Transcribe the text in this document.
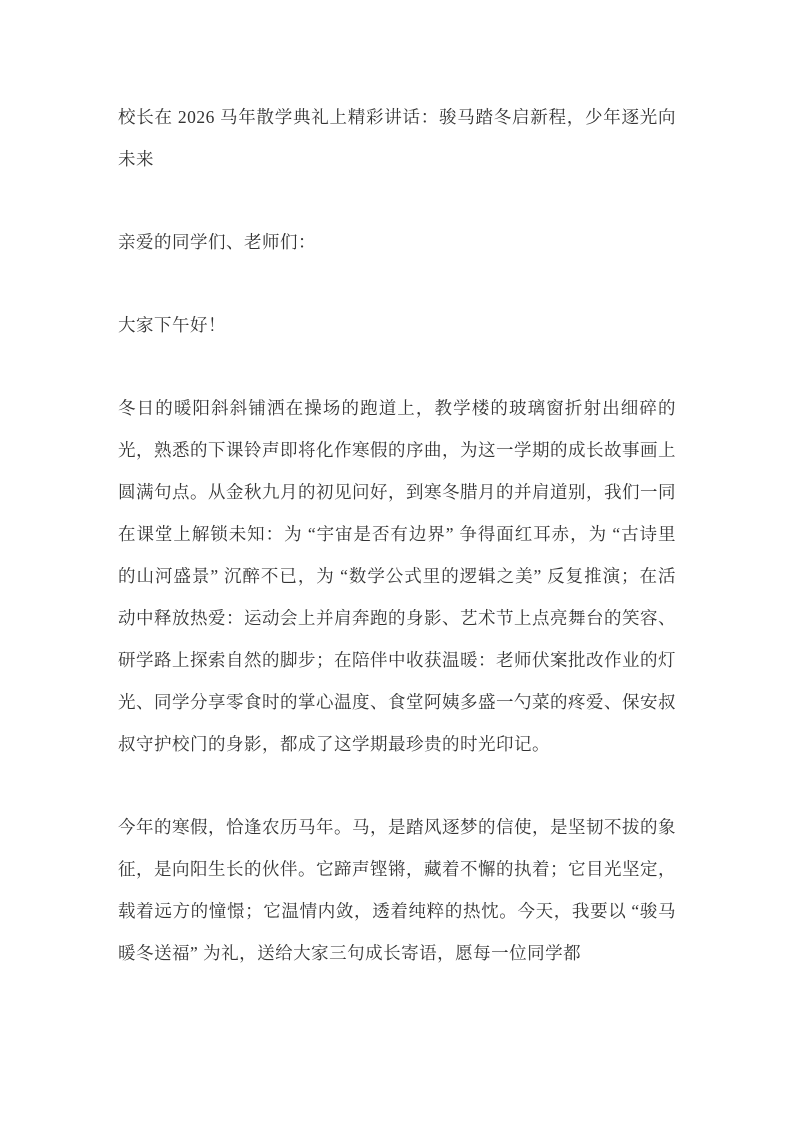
校长在 2026 马年散学典礼上精彩讲话：骏马踏冬启新程，少年逐光向未来

亲爱的同学们、老师们：

大家下午好！

冬日的暖阳斜斜铺洒在操场的跑道上，教学楼的玻璃窗折射出细碎的光，熟悉的下课铃声即将化作寒假的序曲，为这一学期的成长故事画上圆满句点。从金秋九月的初见问好，到寒冬腊月的并肩道别，我们一同在课堂上解锁未知：为 “宇宙是否有边界” 争得面红耳赤，为 “古诗里的山河盛景” 沉醉不已，为 “数学公式里的逻辑之美” 反复推演；在活动中释放热爱：运动会上并肩奔跑的身影、艺术节上点亮舞台的笑容、研学路上探索自然的脚步；在陪伴中收获温暖：老师伏案批改作业的灯光、同学分享零食时的掌心温度、食堂阿姨多盛一勺菜的疼爱、保安叔叔守护校门的身影，都成了这学期最珍贵的时光印记。

今年的寒假，恰逢农历马年。马，是踏风逐梦的信使，是坚韧不拔的象征，是向阳生长的伙伴。它蹄声铿锵，藏着不懈的执着；它目光坚定，载着远方的憧憬；它温情内敛，透着纯粹的热忱。今天，我要以 “骏马暖冬送福” 为礼，送给大家三句成长寄语，愿每一位同学都
